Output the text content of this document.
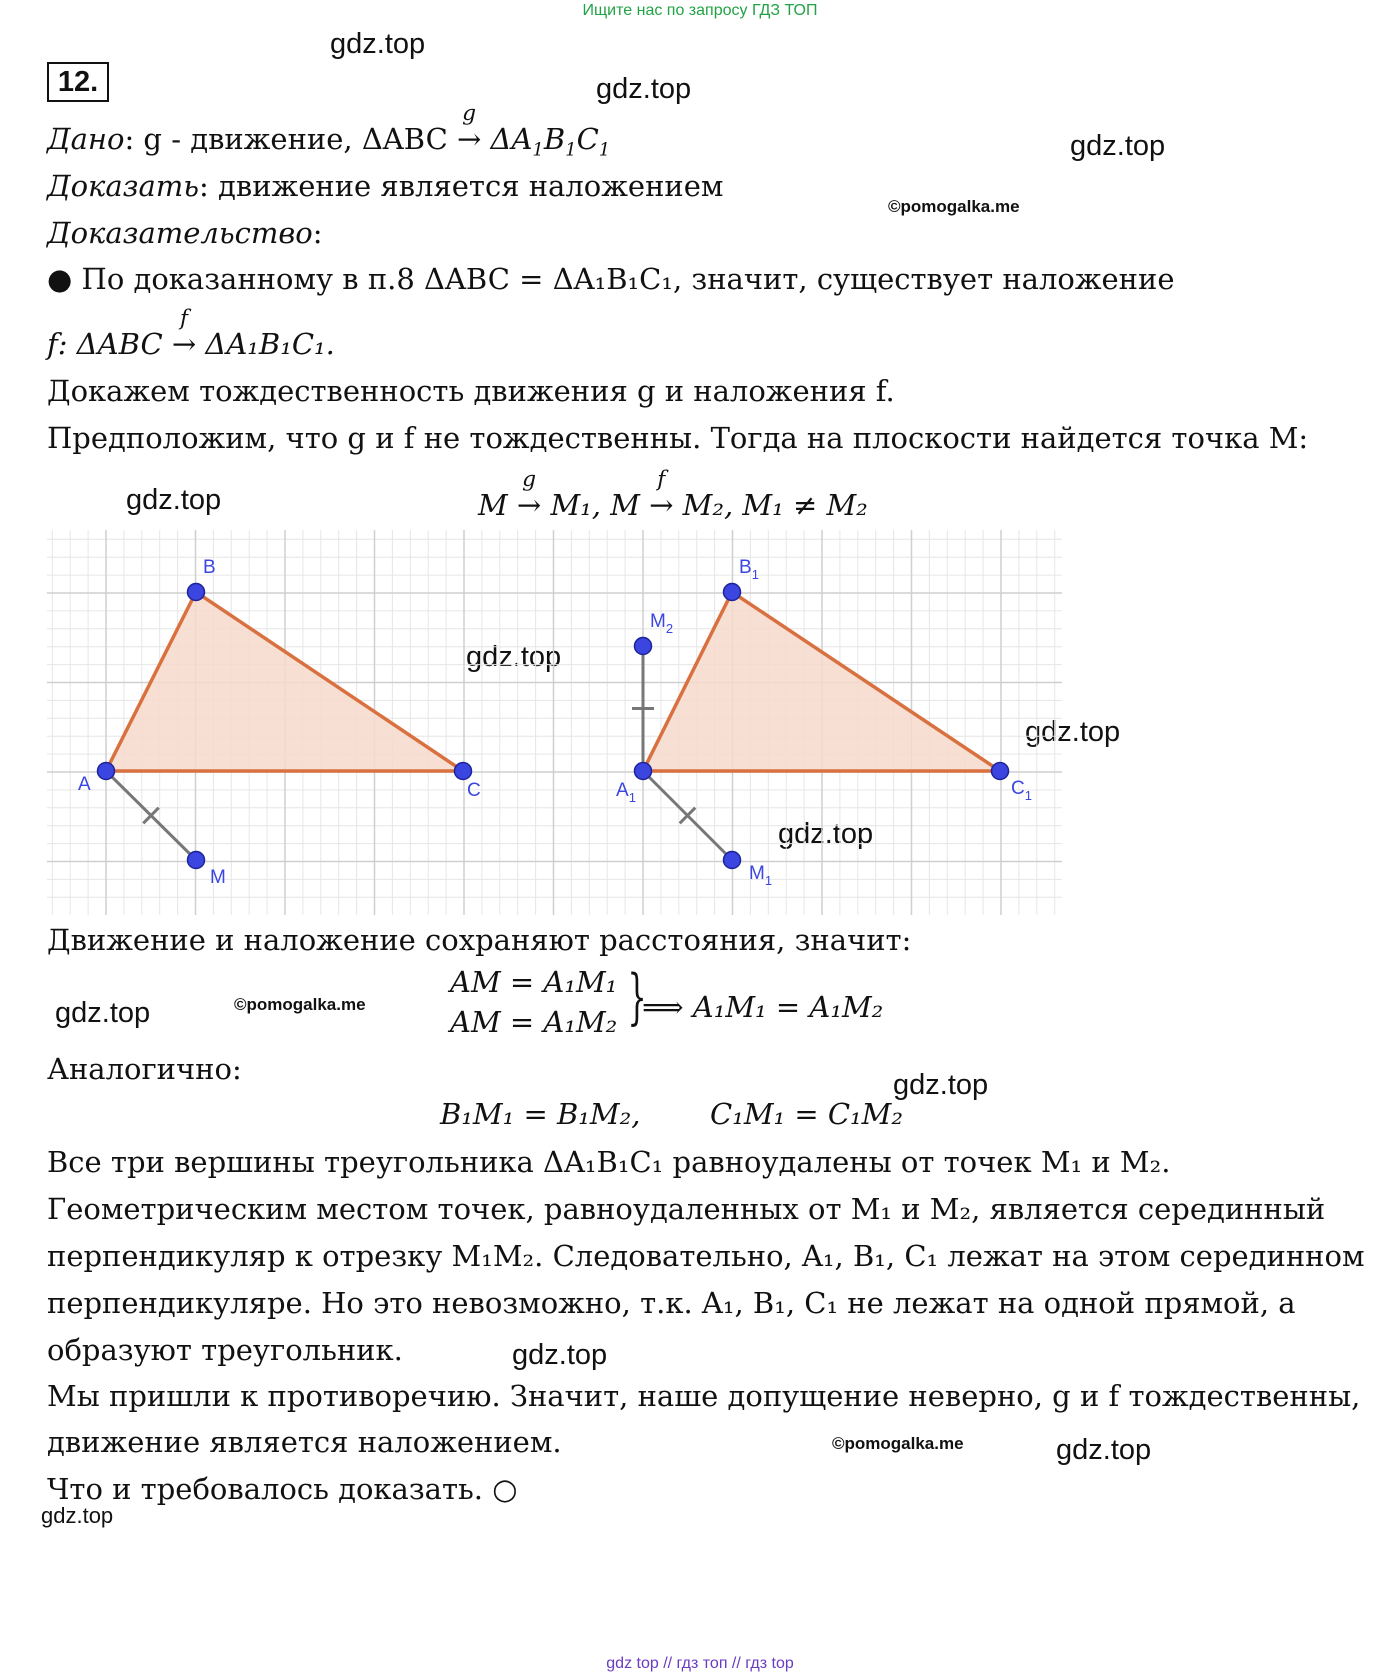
Ищите нас по запросу ГДЗ ТОП
12.
gdz.top
gdz.top
gdz.top
©pomogalka.me
gdz.top
gdz.top
gdz.top
gdz.top
gdz.top	©pomogalka.me
gdz.top
gdz.top
©pomogalka.me	gdz.top
gdz.top
Дано: g - движение, ΔABC
g
→ $\Delta A_1B_1C_1$
Доказать: движение является наложением
Доказательство:
● По доказанному в п.8 ΔABC = ΔA₁B₁C₁, значит, существует наложение
f: ΔABC
f
→ ΔA₁B₁C₁.
Докажем тождественность движения g и наложения f.
Предположим, что g и f не тождественны. Тогда на плоскости найдется точка M:
M
g
→ M₁, M
f
→ M₂, M₁ ≠ M₂
A
B
C
M
$A_1$
$B_1$
$C_1$
$M_1$
$M_2$
Движение и наложение сохраняют расстояния, значит:
AM = A₁M₁
AM = A₁M₂ }
⟹ A₁M₁ = A₁M₂
Аналогично:
B₁M₁ = B₁M₂, C₁M₁ = C₁M₂
Все три вершины треугольника ΔA₁B₁C₁ равноудалены от точек M₁ и M₂.
Геометрическим местом точек, равноудаленных от M₁ и M₂, является серединный
перпендикуляр к отрезку M₁M₂. Следовательно, A₁, B₁, C₁ лежат на этом серединном
перпендикуляре. Но это невозможно, т.к. A₁, B₁, C₁ не лежат на одной прямой, а
образуют треугольник.
Мы пришли к противоречию. Значит, наше допущение неверно, g и f тождественны,
движение является наложением.
Что и требовалось доказать. ○
gdz top // гдз топ // гдз top
